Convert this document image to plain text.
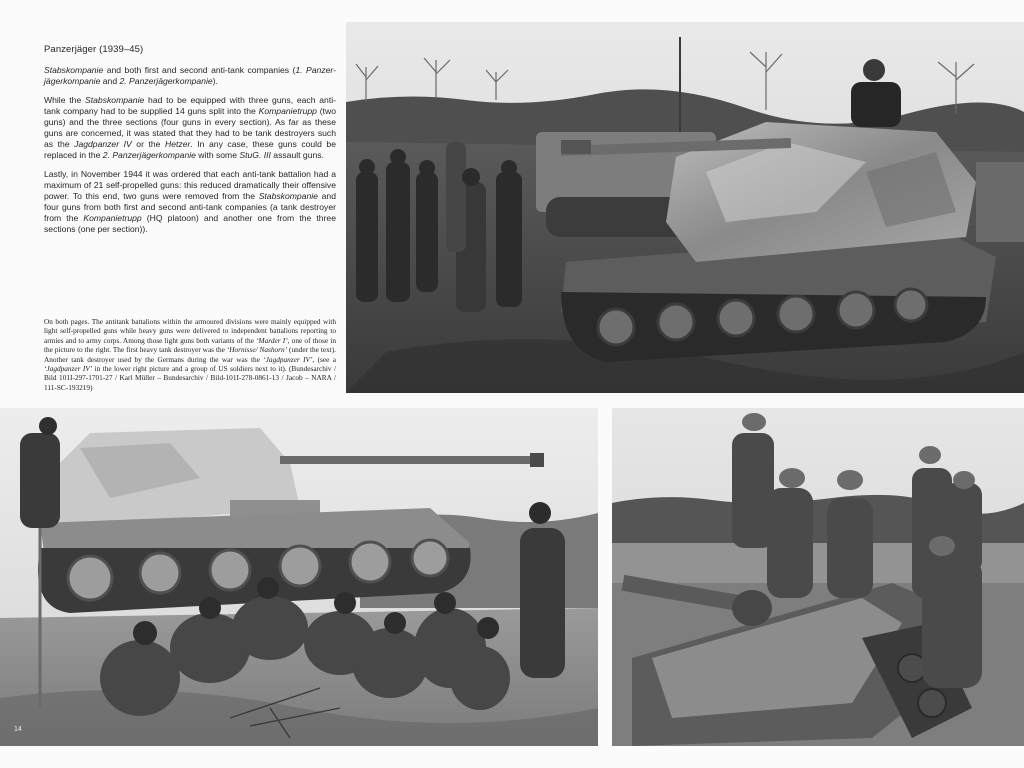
Panzerjäger (1939–45)

Stabskompanie and both first and second anti-tank companies (1. Panzer-jägerkompanie and 2. Panzerjägerkompanie).

While the Stabskompanie had to be equipped with three guns, each anti-tank company had to be supplied 14 guns split into the Kompanietrupp (two guns) and the three sections (four guns in every section). As far as these guns are concerned, it was stated that they had to be tank destroyers such as the Jagdpanzer IV or the Hetzer. In any case, these guns could be replaced in the 2. Panzerjägerkompanie with some StuG. III assault guns.

Lastly, in November 1944 it was ordered that each anti-tank battalion had a maximum of 21 self-propelled guns: this reduced dramatically their offensive power. To this end, two guns were removed from the Stabskompanie and four guns from both first and second anti-tank companies (a tank destroyer from the Kompanietrupp (HQ platoon) and another one from the three sections (one per section)).

On both pages. The antitank battalions within the armoured divisions were mainly equipped with light self-propelled guns while heavy guns were delivered to independent battalions reporting to armies and to army corps. Among those light guns both variants of the ‘Marder I’, one of those in the picture to the right. The first heavy tank destroyer was the ‘Hornisse/ Nashorn’ (under the text). Another tank destroyer used by the Germans during the war was the ‘Jagdpanzer IV’, (see a ‘Jagdpanzer IV’ in the lower right picture and a group of US soldiers next to it). (Bundesarchiv / Bild 101I-297-1701-27 / Karl Müller – Bundesarchiv / Bild-101I-278-0861-13 / Jacob – NARA / 111-SC-193219)

14
